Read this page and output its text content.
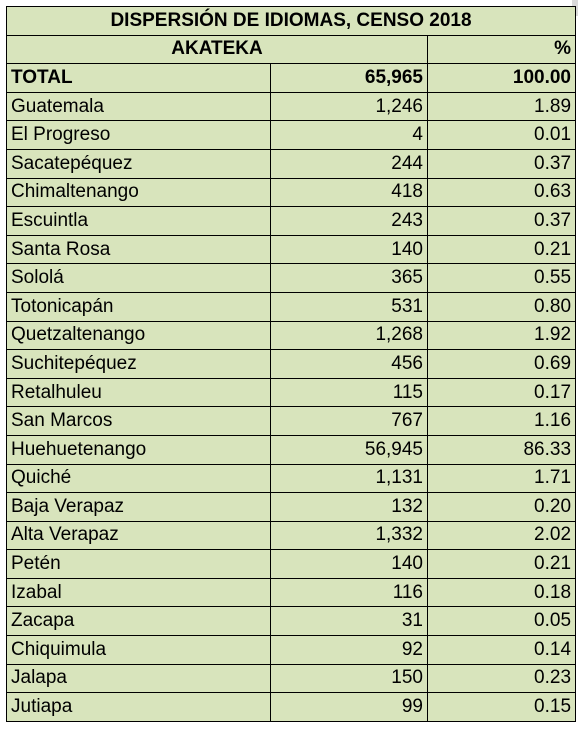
DISPERSIÓN DE IDIOMAS, CENSO 2018		
AKATEKA		%
TOTAL	65,965	100.00
Guatemala	1,246	1.89
El Progreso	4	0.01
Sacatepéquez	244	0.37
Chimaltenango	418	0.63
Escuintla	243	0.37
Santa Rosa	140	0.21
Sololá	365	0.55
Totonicapán	531	0.80
Quetzaltenango	1,268	1.92
Suchitepéquez	456	0.69
Retalhuleu	115	0.17
San Marcos	767	1.16
Huehuetenango	56,945	86.33
Quiché	1,131	1.71
Baja Verapaz	132	0.20
Alta Verapaz	1,332	2.02
Petén	140	0.21
Izabal	116	0.18
Zacapa	31	0.05
Chiquimula	92	0.14
Jalapa	150	0.23
Jutiapa	99	0.15
